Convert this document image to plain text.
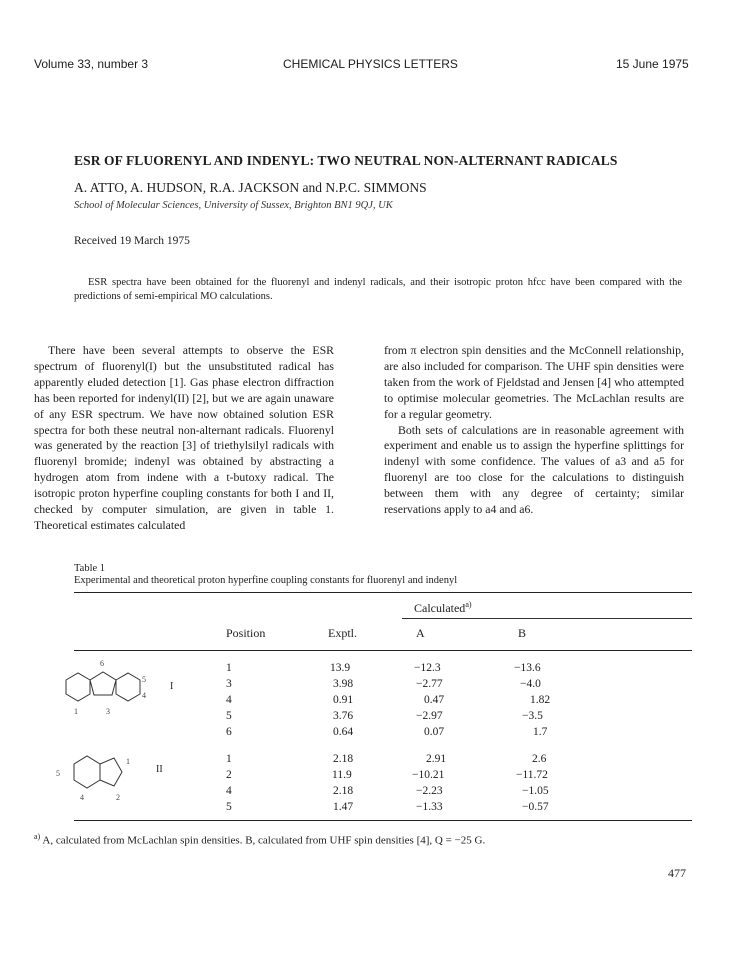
Volume 33, number 3	CHEMICAL PHYSICS LETTERS	15 June 1975
ESR OF FLUORENYL AND INDENYL: TWO NEUTRAL NON-ALTERNANT RADICALS
A. ATTO, A. HUDSON, R.A. JACKSON and N.P.C. SIMMONS
School of Molecular Sciences, University of Sussex, Brighton BN1 9QJ, UK
Received 19 March 1975
ESR spectra have been obtained for the fluorenyl and indenyl radicals, and their isotropic proton hfcc have been compared with the predictions of semi-empirical MO calculations.

There have been several attempts to observe the ESR spectrum of fluorenyl(I) but the unsubstituted radical has apparently eluded detection [1]. Gas phase electron diffraction has been reported for indenyl(II) [2], but we are again unaware of any ESR spectrum. We have now obtained solution ESR spectra for both these neutral non-alternant radicals. Fluorenyl was generated by the reaction [3] of triethylsilyl radicals with fluorenyl bromide; indenyl was obtained by abstracting a hydrogen atom from indene with a t-butoxy radical. The isotropic proton hyperfine coupling constants for both I and II, checked by computer simulation, are given in table 1. Theoretical estimates calculated

from π electron spin densities and the McConnell relationship, are also included for comparison. The UHF spin densities were taken from the work of Fjeldstad and Jensen [4] who attempted to optimise molecular geometries. The McLachlan results are for a regular geometry.

Both sets of calculations are in reasonable agreement with experiment and enable us to assign the hyperfine splittings for indenyl with some confidence. The values of a3 and a5 for fluorenyl are too close for the calculations to distinguish between them with any degree of certainty; similar reservations apply to a4 and a6.

Table 1
Experimental and theoretical proton hyperfine coupling constants for fluorenyl and indenyl
Calculated$^{a)}$
Position	Exptl.	A	B
1	13.9	−12.3	−13.6
3	3.98	−2.77	−4.0
4	0.91	0.47	1.82
5	3.76	−2.97	−3.5
6	0.64	0.07	1.7
1	2.18	2.91	2.6
2	11.9	−10.21	−11.72
4	2.18	−2.23	−1.05
5	1.47	−1.33	−0.57
6
5
4
1	3
I
1
5
4	2
II
$^{a)}$ A, calculated from McLachlan spin densities. B, calculated from UHF spin densities [4], Q = −25 G.
477
